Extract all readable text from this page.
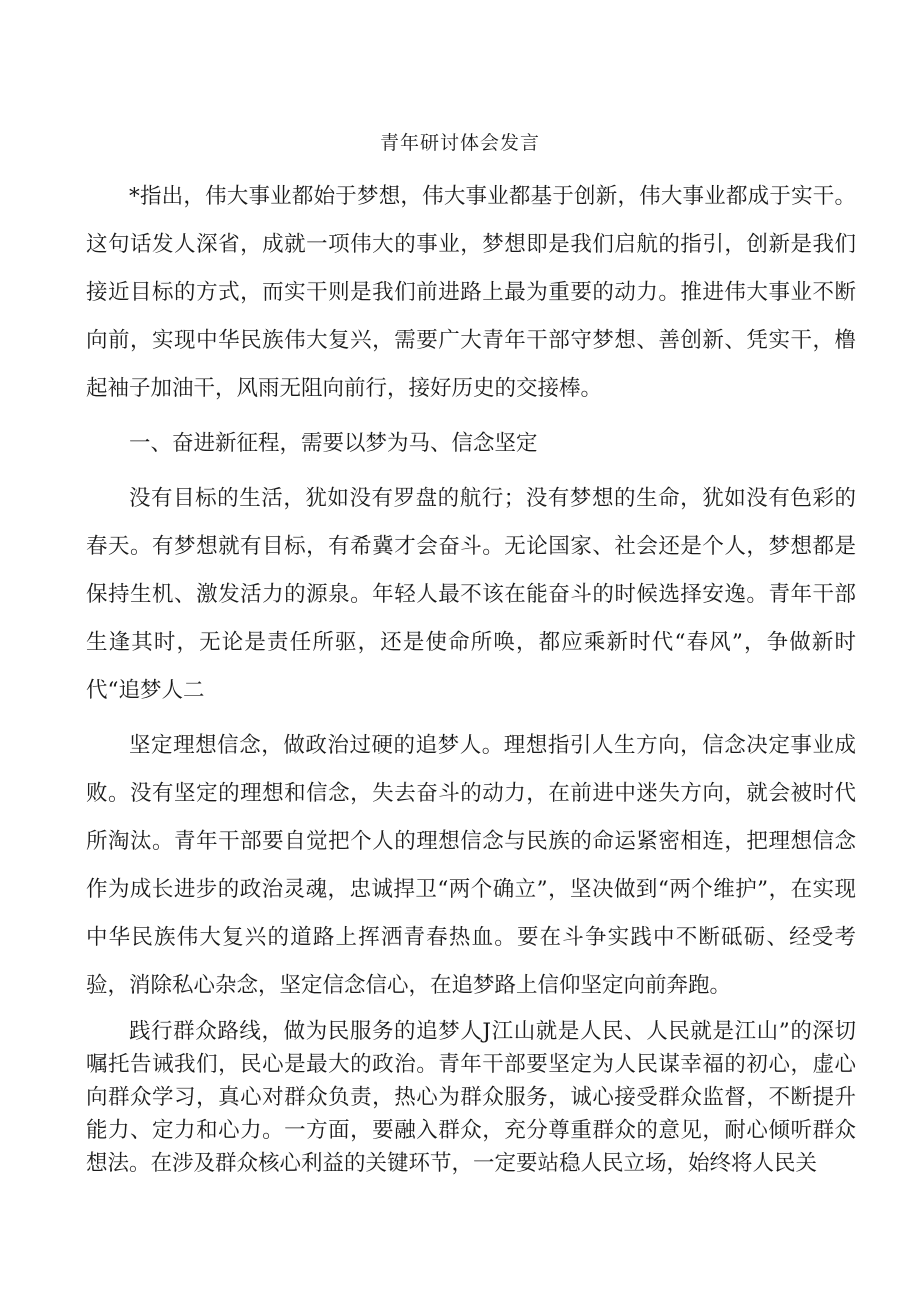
青年研讨体会发言

*指出，伟大事业都始于梦想，伟大事业都基于创新，伟大事业都成于实干。这句话发人深省，成就一项伟大的事业，梦想即是我们启航的指引，创新是我们接近目标的方式，而实干则是我们前进路上最为重要的动力。推进伟大事业不断向前，实现中华民族伟大复兴，需要广大青年干部守梦想、善创新、凭实干，橹起袖子加油干，风雨无阻向前行，接好历史的交接棒。

一、奋进新征程，需要以梦为马、信念坚定

没有目标的生活，犹如没有罗盘的航行；没有梦想的生命，犹如没有色彩的春天。有梦想就有目标，有希冀才会奋斗。无论国家、社会还是个人，梦想都是保持生机、激发活力的源泉。年轻人最不该在能奋斗的时候选择安逸。青年干部生逢其时，无论是责任所驱，还是使命所唤，都应乘新时代“春风”，争做新时代“追梦人二

坚定理想信念，做政治过硬的追梦人。理想指引人生方向，信念决定事业成败。没有坚定的理想和信念，失去奋斗的动力，在前进中迷失方向，就会被时代所淘汰。青年干部要自觉把个人的理想信念与民族的命运紧密相连，把理想信念作为成长进步的政治灵魂，忠诚捍卫“两个确立”，坚决做到“两个维护”，在实现中华民族伟大复兴的道路上挥洒青春热血。要在斗争实践中不断砥砺、经受考验，消除私心杂念，坚定信念信心，在追梦路上信仰坚定向前奔跑。

践行群众路线，做为民服务的追梦人J江山就是人民、人民就是江山”的深切嘱托告诫我们，民心是最大的政治。青年干部要坚定为人民谋幸福的初心，虚心向群众学习，真心对群众负责，热心为群众服务，诚心接受群众监督，不断提升能力、定力和心力。一方面，要融入群众，充分尊重群众的意见，耐心倾听群众想法。在涉及群众核心利益的关键环节，一定要站稳人民立场，始终将人民关
